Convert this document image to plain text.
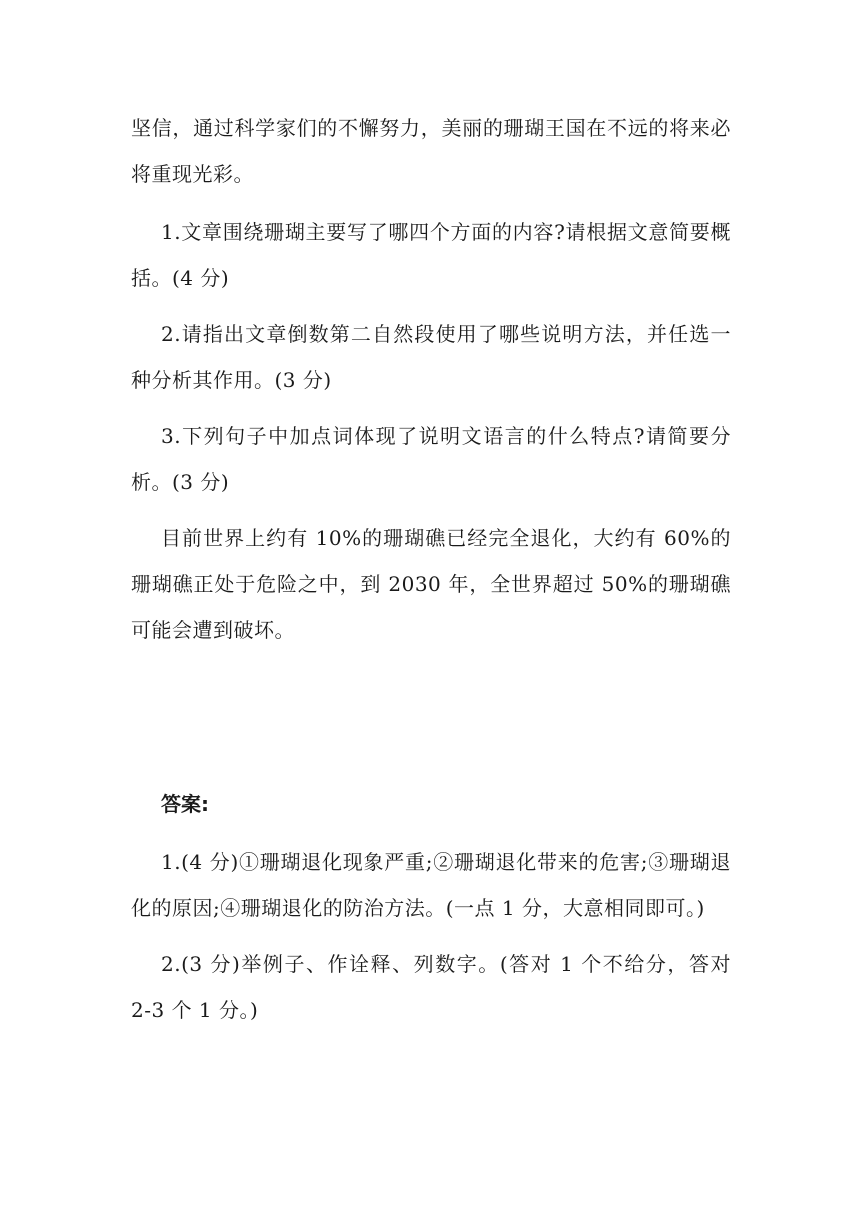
坚信，通过科学家们的不懈努力，美丽的珊瑚王国在不远的将来必将重现光彩。

1.文章围绕珊瑚主要写了哪四个方面的内容?请根据文意简要概括。(4 分)

2.请指出文章倒数第二自然段使用了哪些说明方法，并任选一种分析其作用。(3 分)

3.下列句子中加点词体现了说明文语言的什么特点?请简要分析。(3 分)

目前世界上约有 10%的珊瑚礁已经完全退化，大约有 60%的珊瑚礁正处于危险之中，到 2030 年，全世界超过 50%的珊瑚礁可能会遭到破坏。

答案:

1.(4 分)①珊瑚退化现象严重;②珊瑚退化带来的危害;③珊瑚退化的原因;④珊瑚退化的防治方法。(一点 1 分，大意相同即可。)

2.(3 分)举例子、作诠释、列数字。(答对 1 个不给分，答对 2-3 个 1 分。)
